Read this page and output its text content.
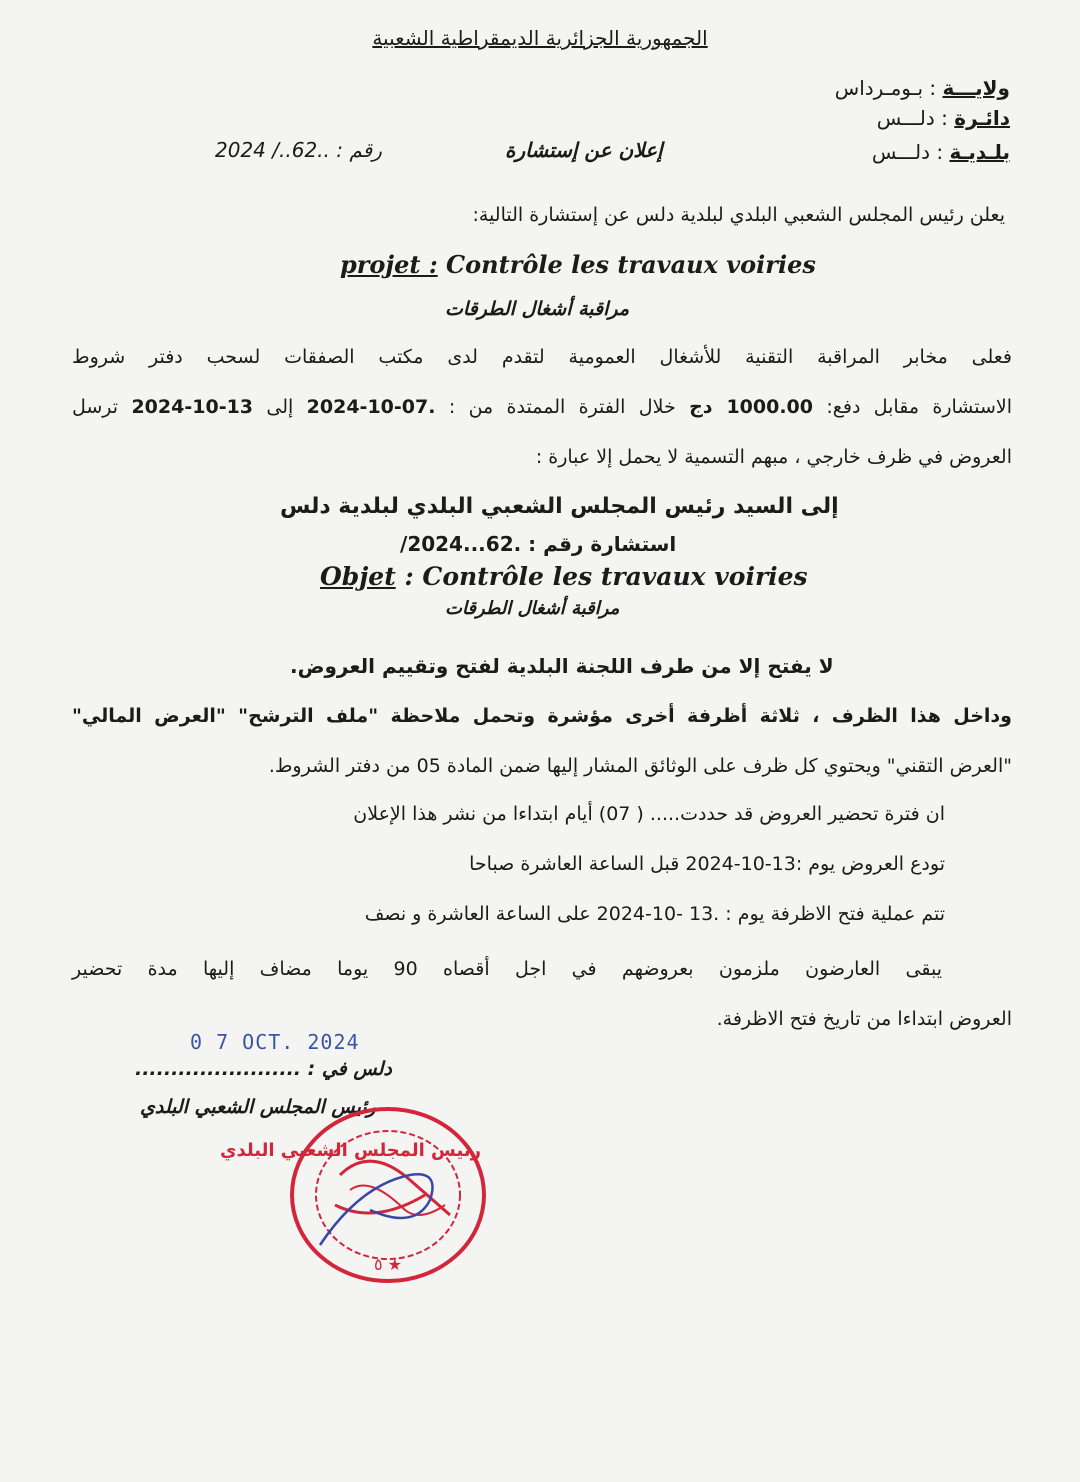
الجمهورية الجزائرية الديمقراطية الشعبية
ولايـــة : بـومـرداس
دائـرة : دلـــس
بلـديـة : دلـــس
إعلان عن إستشارة
رقم : ..62../ 2024
يعلن رئيس المجلس الشعبي البلدي لبلدية دلس عن إستشارة التالية:
projet : Contrôle les travaux voiries
مراقبة أشغال الطرقات
فعلى مخابر المراقبة التقنية للأشغال العمومية لتقدم لدى مكتب الصفقات لسحب دفتر شروط
الاستشارة مقابل دفع: 1000.00 دج خلال الفترة الممتدة من : .07-10-2024 إلى 13-10-2024 ترسل
العروض في ظرف خارجي ، مبهم التسمية لا يحمل إلا عبارة :
إلى السيد رئيس المجلس الشعبي البلدي لبلدية دلس
استشارة رقم : .62...2024/
Objet : Contrôle les travaux voiries
مراقبة أشغال الطرقات
لا يفتح إلا من طرف اللجنة البلدية لفتح وتقييم العروض.
وداخل هذا الظرف ، ثلاثة أظرفة أخرى مؤشرة وتحمل ملاحظة "ملف الترشح" "العرض المالي"
"العرض التقني" ويحتوي كل ظرف على الوثائق المشار إليها ضمن المادة 05 من دفتر الشروط.
ان فترة تحضير العروض قد حددت..... ( 07) أيام ابتداءا من نشر هذا الإعلان
تودع العروض يوم :13-10-2024 قبل الساعة العاشرة صباحا
تتم عملية فتح الاظرفة يوم : .13 -10-2024 على الساعة العاشرة و نصف
يبقى العارضون ملزمون بعروضهم في اجل أقصاه 90 يوما مضاف إليها مدة تحضير
العروض ابتداءا من تاريخ فتح الاظرفة.
0 7 OCT. 2024
دلس في : .......................
رئيس المجلس الشعبي البلدي
٥ ★
رئيس المجلس الشعبي البلدي
